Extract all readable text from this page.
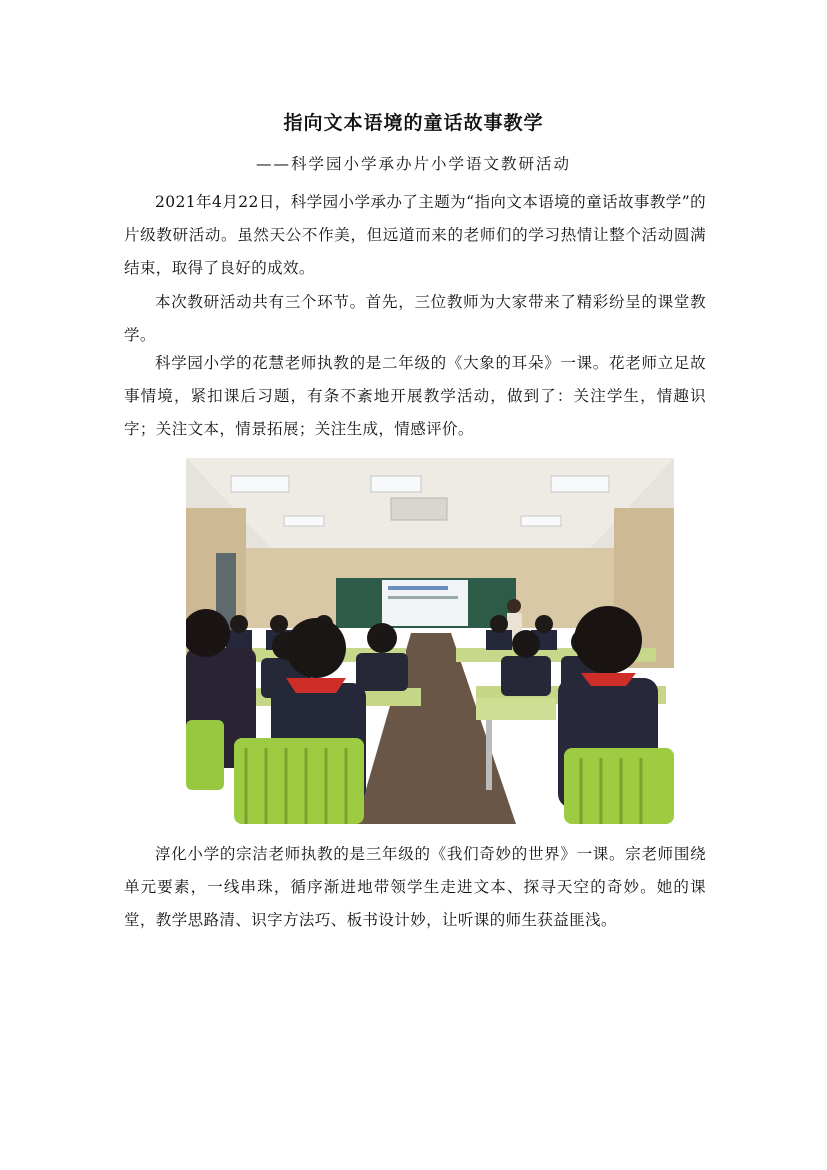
指向文本语境的童话故事教学
——科学园小学承办片小学语文教研活动

2021年4月22日，科学园小学承办了主题为“指向文本语境的童话故事教学”的片级教研活动。虽然天公不作美，但远道而来的老师们的学习热情让整个活动圆满结束，取得了良好的成效。

本次教研活动共有三个环节。首先，三位教师为大家带来了精彩纷呈的课堂教学。

科学园小学的花慧老师执教的是二年级的《大象的耳朵》一课。花老师立足故事情境，紧扣课后习题，有条不紊地开展教学活动，做到了：关注学生，情趣识字；关注文本，情景拓展；关注生成，情感评价。

淳化小学的宗洁老师执教的是三年级的《我们奇妙的世界》一课。宗老师围绕单元要素，一线串珠，循序渐进地带领学生走进文本、探寻天空的奇妙。她的课堂，教学思路清、识字方法巧、板书设计妙，让听课的师生获益匪浅。
